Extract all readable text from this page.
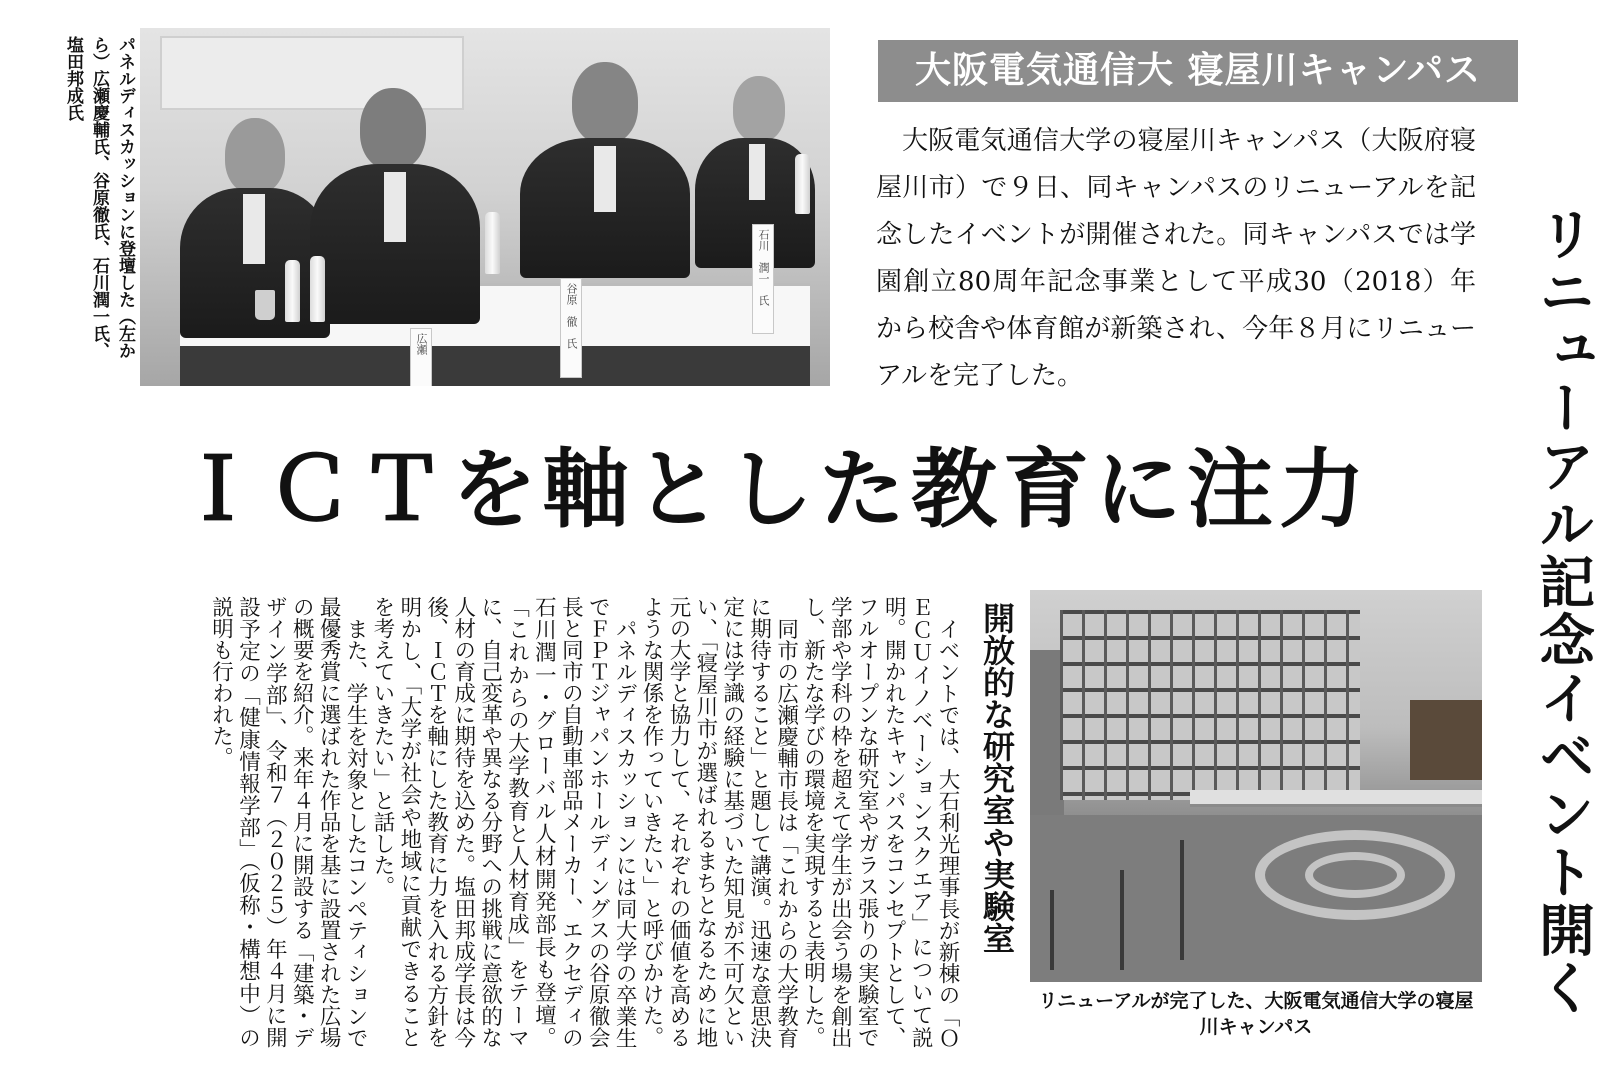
広瀬	谷原　徹　氏
石川　潤一　氏
パネルディスカッションに登壇した（左から）広瀬慶輔氏、谷原徹氏、石川潤一氏、塩田邦成氏	大阪電気通信大 寝屋川キャンパス
大阪電気通信大学の寝屋川キャンパス（大阪府寝屋川市）で９日、同キャンパスのリニューアルを記念したイベントが開催された。同キャンパスでは学園創立80周年記念事業として平成30（2018）年から校舎や体育館が新築され、今年８月にリニューアルを完了した。	リニューアル記念イベント開く
ＩＣＴを軸とした教育に注力
開放的な研究室や実験室

イベントでは、大石利光理事長が新棟の「ＯＥＣＵイノベーションスクエア」について説明。開かれたキャンパスをコンセプトとして、フルオープンな研究室やガラス張りの実験室で学部や学科の枠を超えて学生が出会う場を創出し、新たな学びの環境を実現すると表明した。

同市の広瀬慶輔市長は「これからの大学教育に期待すること」と題して講演。迅速な意思決定には学識の経験に基づいた知見が不可欠とい い、「寝屋川市が選ばれるまちとなるために地元の大学と協力して、それぞれの価値を高めるような関係を作っていきたい」と呼びかけた。

パネルディスカッションには同大学の卒業生でＦＰＴジャパンホールディングスの谷原徹会長と同市の自動車部品メーカー、エクセディの石川潤一・グローバル人材開発部長も登壇。「これからの大学教育と人材育成」をテーマに、自己変革や異なる分野への挑戦に意欲的な人材の育成に期待を込めた。塩田邦成学長は今後、ＩＣＴを軸にした教育に力を入れる方針を明かし、「大学が社会や地域に貢献できることを考えていきたい」と話した。

また、学生を対象としたコンペティションで最優秀賞に選ばれた作品を基に設置された広場の概要を紹介。来年４月に開設する「建築・デザイン学部」、令和７（２０２５）年４月に開設予定の「健康情報学部」（仮称・構想中）の説明も行われた。

リニューアルが完了した、大阪電気通信大学の寝屋川キャンパス
